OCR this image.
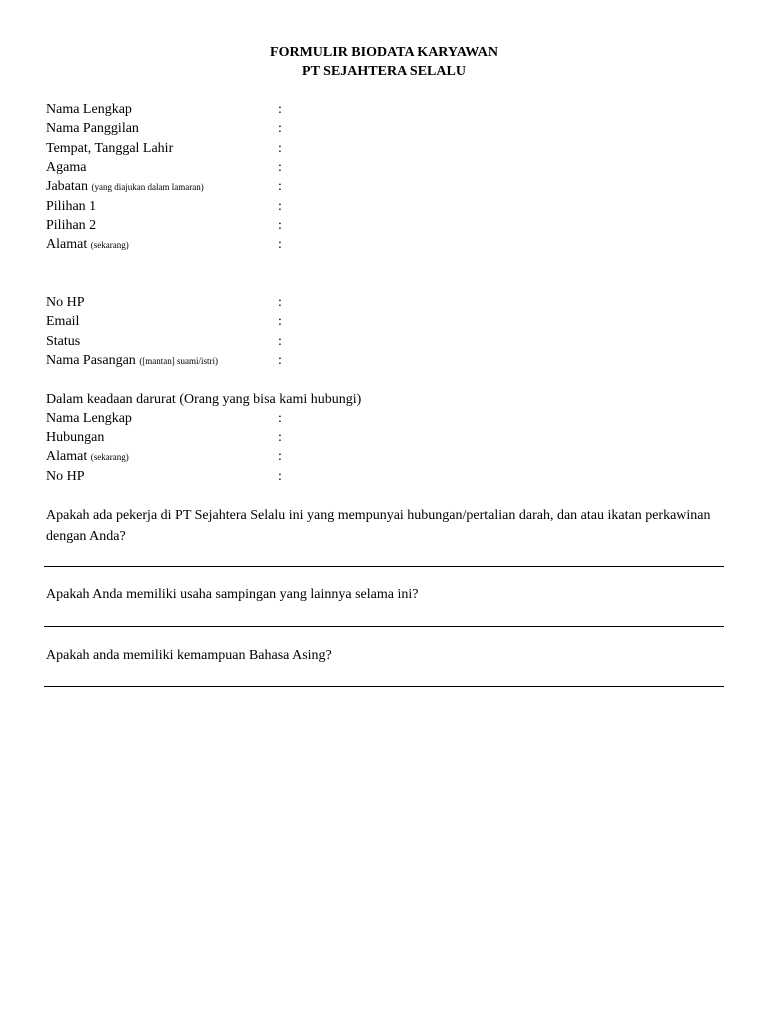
FORMULIR BIODATA KARYAWAN
PT SEJAHTERA SELALU
Nama Lengkap	:
Nama Panggilan	:
Tempat, Tanggal Lahir	:
Agama	:
Jabatan (yang diajukan dalam lamaran)	:
Pilihan 1	:
Pilihan 2	:
Alamat (sekarang)	:
No HP	:
Email	:
Status	:
Nama Pasangan ([mantan] suami/istri)	:
Dalam keadaan darurat (Orang yang bisa kami hubungi)
Nama Lengkap	:
Hubungan	:
Alamat (sekarang)	:
No HP	:
Apakah ada pekerja di PT Sejahtera Selalu ini yang mempunyai hubungan/pertalian darah, dan atau ikatan perkawinan dengan Anda?
Apakah Anda memiliki usaha sampingan yang lainnya selama ini?
Apakah anda memiliki kemampuan Bahasa Asing?
